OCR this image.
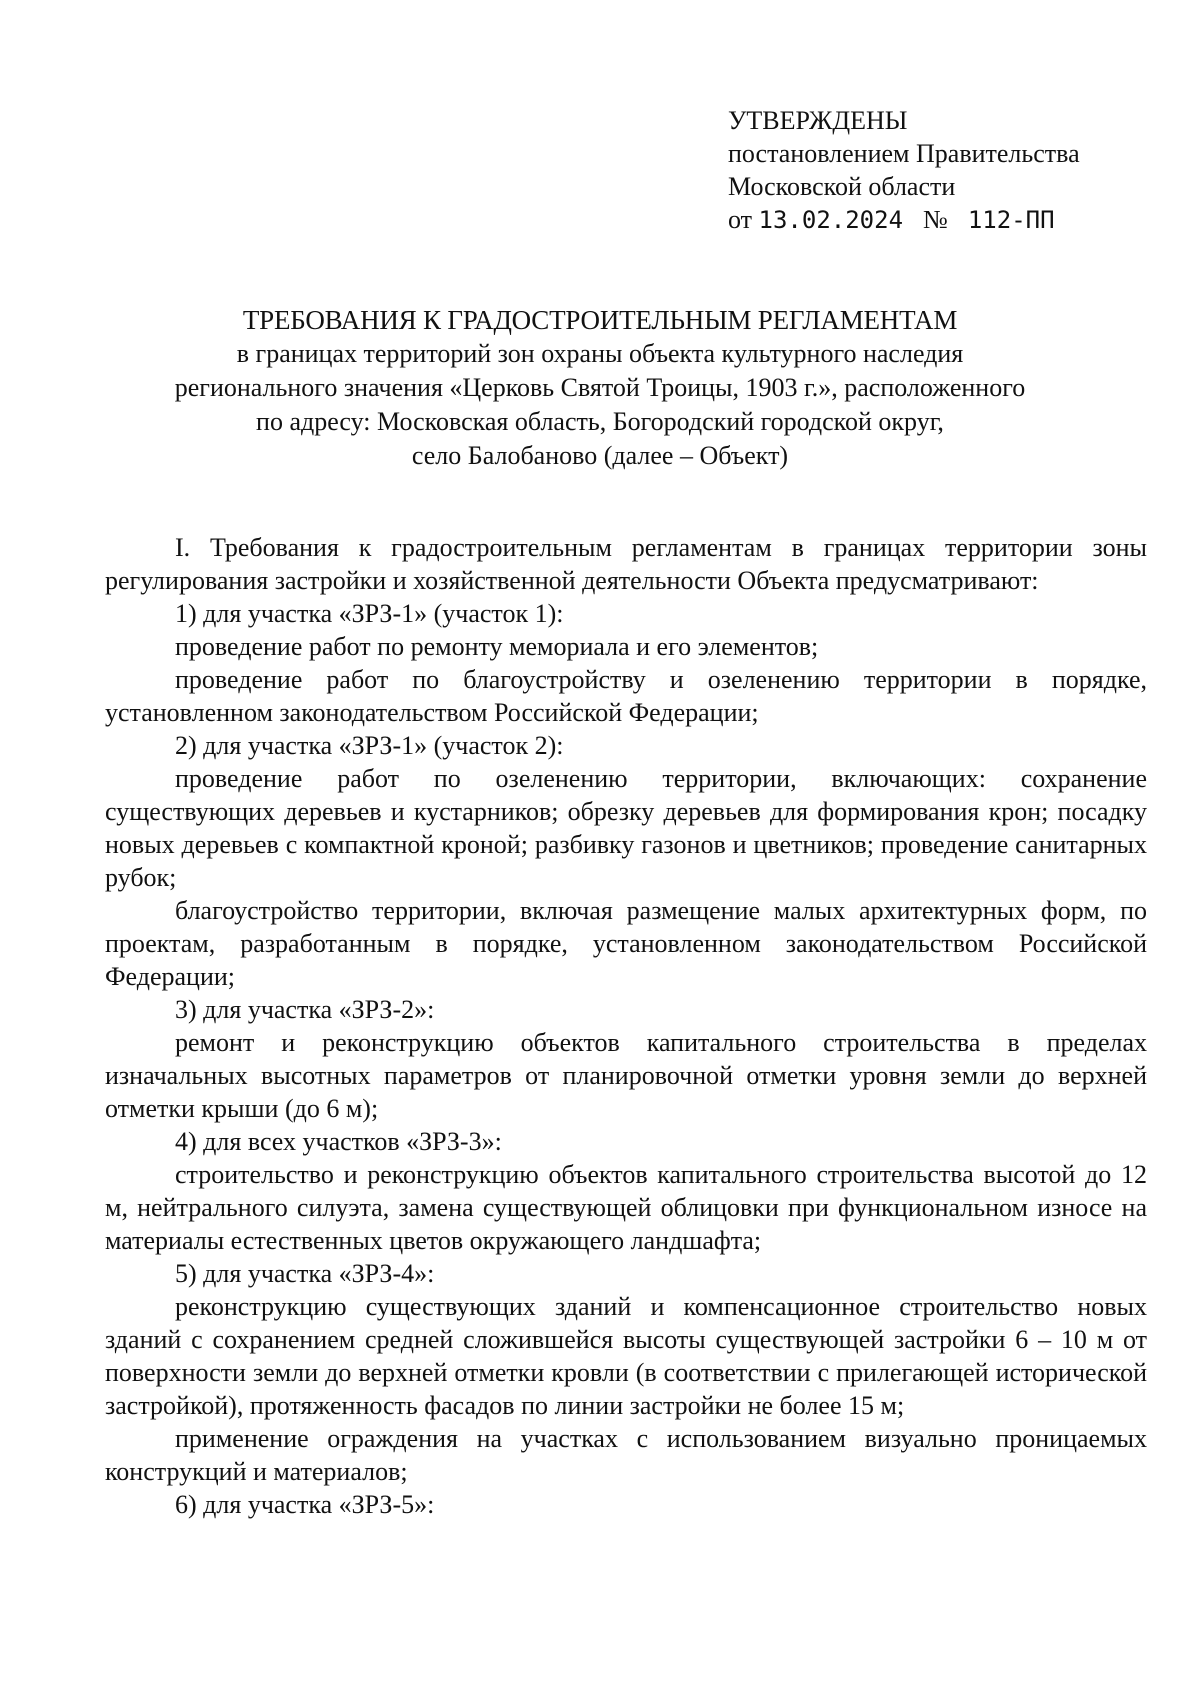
УТВЕРЖДЕНЫ
постановлением Правительства
Московской области
от 13.02.2024 № 112-ПП
ТРЕБОВАНИЯ К ГРАДОСТРОИТЕЛЬНЫМ РЕГЛАМЕНТАМ
в границах территорий зон охраны объекта культурного наследия
регионального значения «Церковь Святой Троицы, 1903 г.», расположенного
по адресу: Московская область, Богородский городской округ,
село Балобаново (далее – Объект)

I. Требования к градостроительным регламентам в границах территории зоны регулирования застройки и хозяйственной деятельности Объекта предусматривают:

1) для участка «ЗРЗ-1» (участок 1):

проведение работ по ремонту мемориала и его элементов;

проведение работ по благоустройству и озеленению территории в порядке, установленном законодательством Российской Федерации;

2) для участка «ЗРЗ-1» (участок 2):

проведение работ по озеленению территории, включающих: сохранение существующих деревьев и кустарников; обрезку деревьев для формирования крон; посадку новых деревьев с компактной кроной; разбивку газонов и цветников; проведение санитарных рубок;

благоустройство территории, включая размещение малых архитектурных форм, по проектам, разработанным в порядке, установленном законодательством Российской Федерации;

3) для участка «ЗРЗ-2»:

ремонт и реконструкцию объектов капитального строительства в пределах изначальных высотных параметров от планировочной отметки уровня земли до верхней отметки крыши (до 6 м);

4) для всех участков «ЗРЗ-3»:

строительство и реконструкцию объектов капитального строительства высотой до 12 м, нейтрального силуэта, замена существующей облицовки при функциональном износе на материалы естественных цветов окружающего ландшафта;

5) для участка «ЗРЗ-4»:

реконструкцию существующих зданий и компенсационное строительство новых зданий с сохранением средней сложившейся высоты существующей застройки 6 – 10 м от поверхности земли до верхней отметки кровли (в соответствии с прилегающей исторической застройкой), протяженность фасадов по линии застройки не более 15 м;

применение ограждения на участках с использованием визуально проницаемых конструкций и материалов;

6) для участка «ЗРЗ-5»:
